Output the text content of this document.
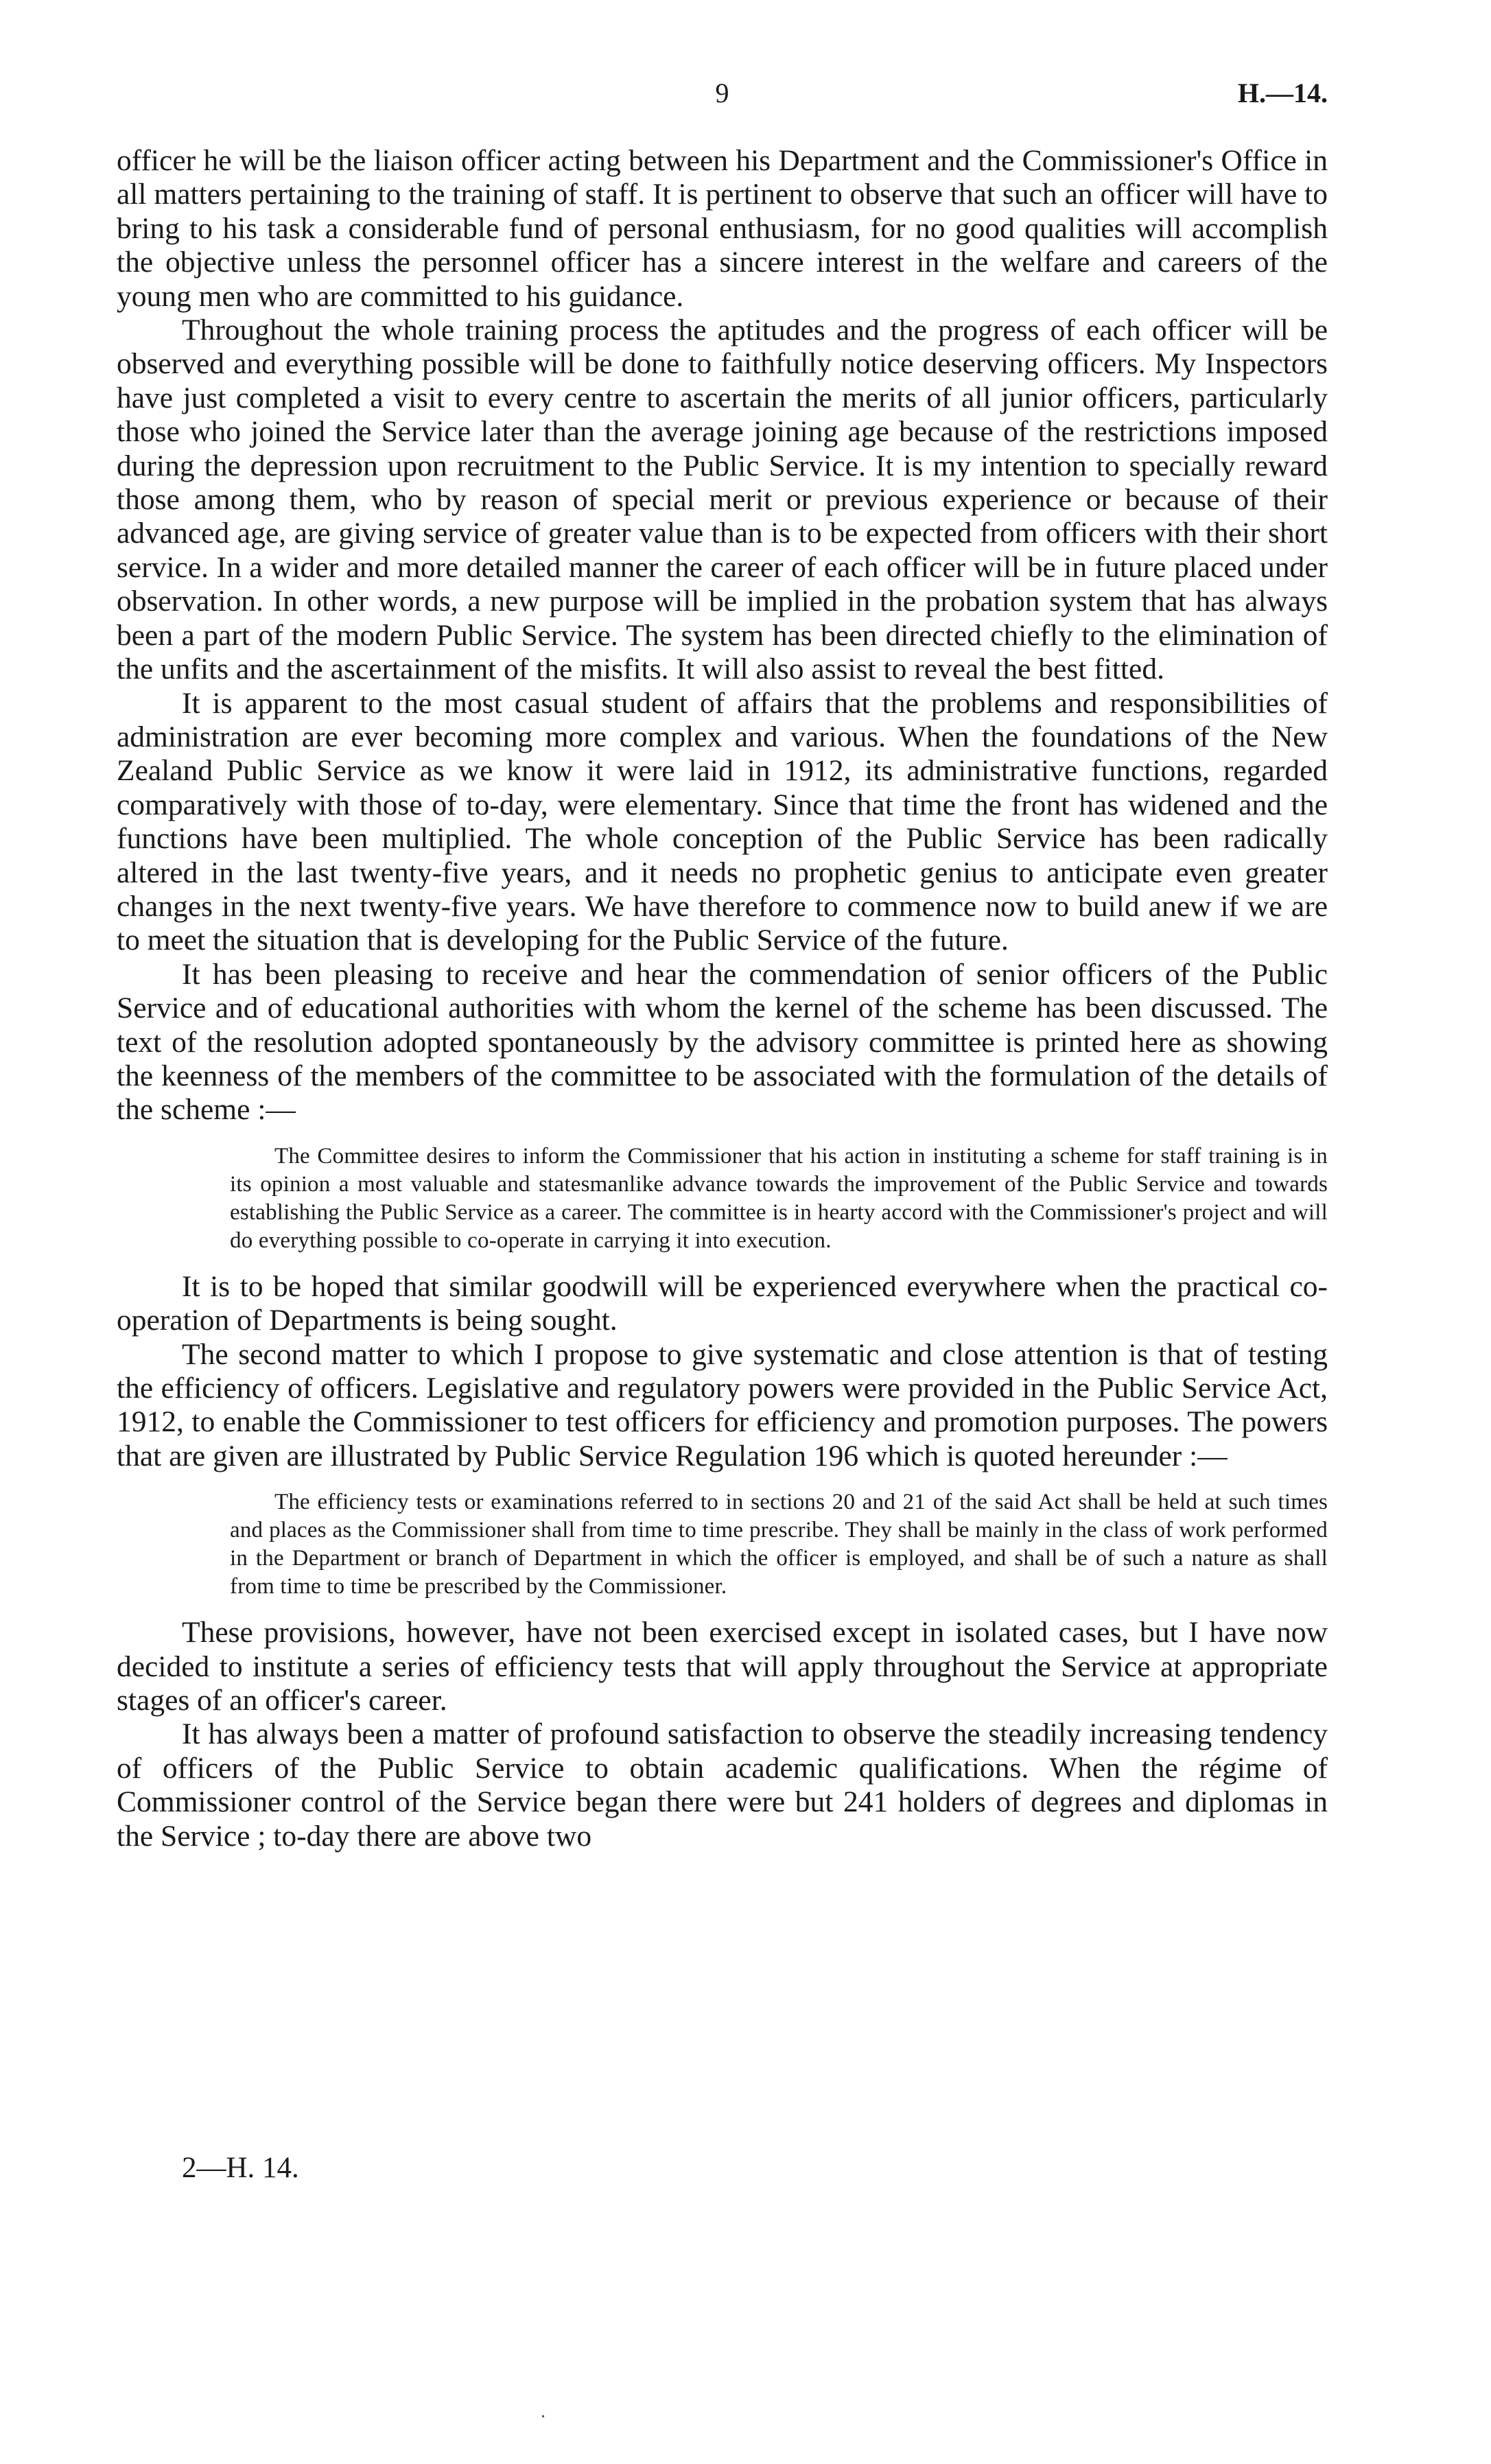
9	H.—14.

officer he will be the liaison officer acting between his Department and the Commissioner's Office in all matters pertaining to the training of staff. It is pertinent to observe that such an officer will have to bring to his task a considerable fund of personal enthusiasm, for no good qualities will accomplish the objective unless the personnel officer has a sincere interest in the welfare and careers of the young men who are committed to his guidance.

Throughout the whole training process the aptitudes and the progress of each officer will be observed and everything possible will be done to faithfully notice deserving officers. My Inspectors have just completed a visit to every centre to ascertain the merits of all junior officers, particularly those who joined the Service later than the average joining age because of the restrictions imposed during the depression upon recruitment to the Public Service. It is my intention to specially reward those among them, who by reason of special merit or previous experience or because of their advanced age, are giving service of greater value than is to be expected from officers with their short service. In a wider and more detailed manner the career of each officer will be in future placed under observation. In other words, a new purpose will be implied in the probation system that has always been a part of the modern Public Service. The system has been directed chiefly to the elimination of the unfits and the ascertainment of the misfits. It will also assist to reveal the best fitted.

It is apparent to the most casual student of affairs that the problems and responsibilities of administration are ever becoming more complex and various. When the foundations of the New Zealand Public Service as we know it were laid in 1912, its administrative functions, regarded comparatively with those of to-day, were elementary. Since that time the front has widened and the functions have been multiplied. The whole conception of the Public Service has been radically altered in the last twenty-five years, and it needs no prophetic genius to anticipate even greater changes in the next twenty-five years. We have therefore to commence now to build anew if we are to meet the situation that is developing for the Public Service of the future.

It has been pleasing to receive and hear the commendation of senior officers of the Public Service and of educational authorities with whom the kernel of the scheme has been discussed. The text of the resolution adopted spontaneously by the advisory committee is printed here as showing the keenness of the members of the committee to be associated with the formulation of the details of the scheme :—

The Committee desires to inform the Commissioner that his action in instituting a scheme for staff training is in its opinion a most valuable and statesmanlike advance towards the improvement of the Public Service and towards establishing the Public Service as a career. The committee is in hearty accord with the Commissioner's project and will do everything possible to co-operate in carrying it into execution.

It is to be hoped that similar goodwill will be experienced everywhere when the practical co-operation of Departments is being sought.

The second matter to which I propose to give systematic and close attention is that of testing the efficiency of officers. Legislative and regulatory powers were provided in the Public Service Act, 1912, to enable the Commissioner to test officers for efficiency and promotion purposes. The powers that are given are illustrated by Public Service Regulation 196 which is quoted hereunder :—

The efficiency tests or examinations referred to in sections 20 and 21 of the said Act shall be held at such times and places as the Commissioner shall from time to time prescribe. They shall be mainly in the class of work performed in the Department or branch of Department in which the officer is employed, and shall be of such a nature as shall from time to time be prescribed by the Commissioner.

These provisions, however, have not been exercised except in isolated cases, but I have now decided to institute a series of efficiency tests that will apply throughout the Service at appropriate stages of an officer's career.

It has always been a matter of profound satisfaction to observe the steadily increasing tendency of officers of the Public Service to obtain academic qualifications. When the régime of Commissioner control of the Service began there were but 241 holders of degrees and diplomas in the Service ; to-day there are above two

2—H. 14.
